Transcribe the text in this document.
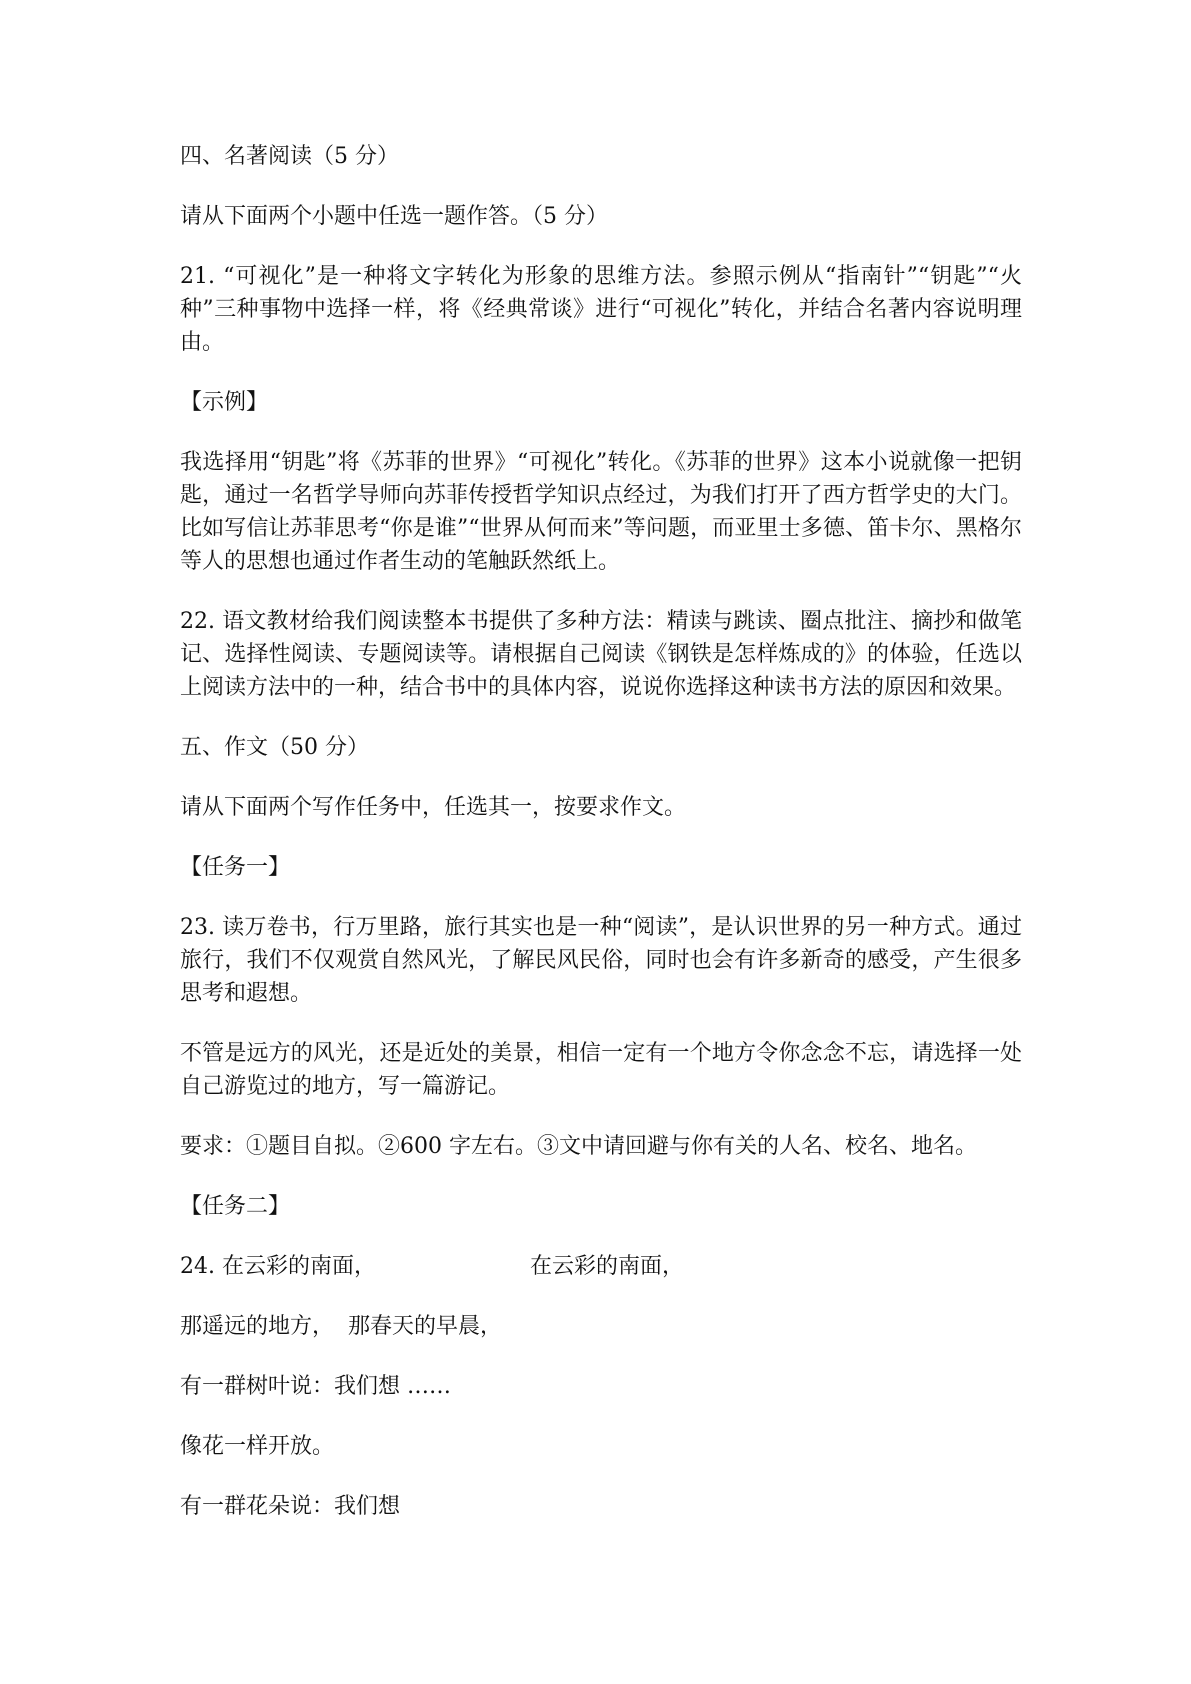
四、名著阅读（5 分）
请从下面两个小题中任选一题作答。（5 分）
21. “可视化”是一种将文字转化为形象的思维方法。参照示例从“指南针”“钥匙”“火种”三种事物中选择一样，将《经典常谈》进行“可视化”转化，并结合名著内容说明理由。
【示例】
我选择用“钥匙”将《苏菲的世界》“可视化”转化。《苏菲的世界》这本小说就像一把钥匙，通过一名哲学导师向苏菲传授哲学知识点经过，为我们打开了西方哲学史的大门。比如写信让苏菲思考“你是谁”“世界从何而来”等问题，而亚里士多德、笛卡尔、黑格尔等人的思想也通过作者生动的笔触跃然纸上。
22. 语文教材给我们阅读整本书提供了多种方法：精读与跳读、圈点批注、摘抄和做笔记、选择性阅读、专题阅读等。请根据自己阅读《钢铁是怎样炼成的》的体验，任选以上阅读方法中的一种，结合书中的具体内容，说说你选择这种读书方法的原因和效果。
五、作文（50 分）
请从下面两个写作任务中，任选其一，按要求作文。
【任务一】
23. 读万卷书，行万里路，旅行其实也是一种“阅读”，是认识世界的另一种方式。通过旅行，我们不仅观赏自然风光，了解民风民俗，同时也会有许多新奇的感受，产生很多思考和遐想。
不管是远方的风光，还是近处的美景，相信一定有一个地方令你念念不忘，请选择一处自己游览过的地方，写一篇游记。
要求：①题目自拟。②600 字左右。③文中请回避与你有关的人名、校名、地名。
【任务二】
24. 在云彩的南面，	在云彩的南面，
那遥远的地方，  那春天的早晨，
有一群树叶说：我们想 ……
像花一样开放。
有一群花朵说：我们想
